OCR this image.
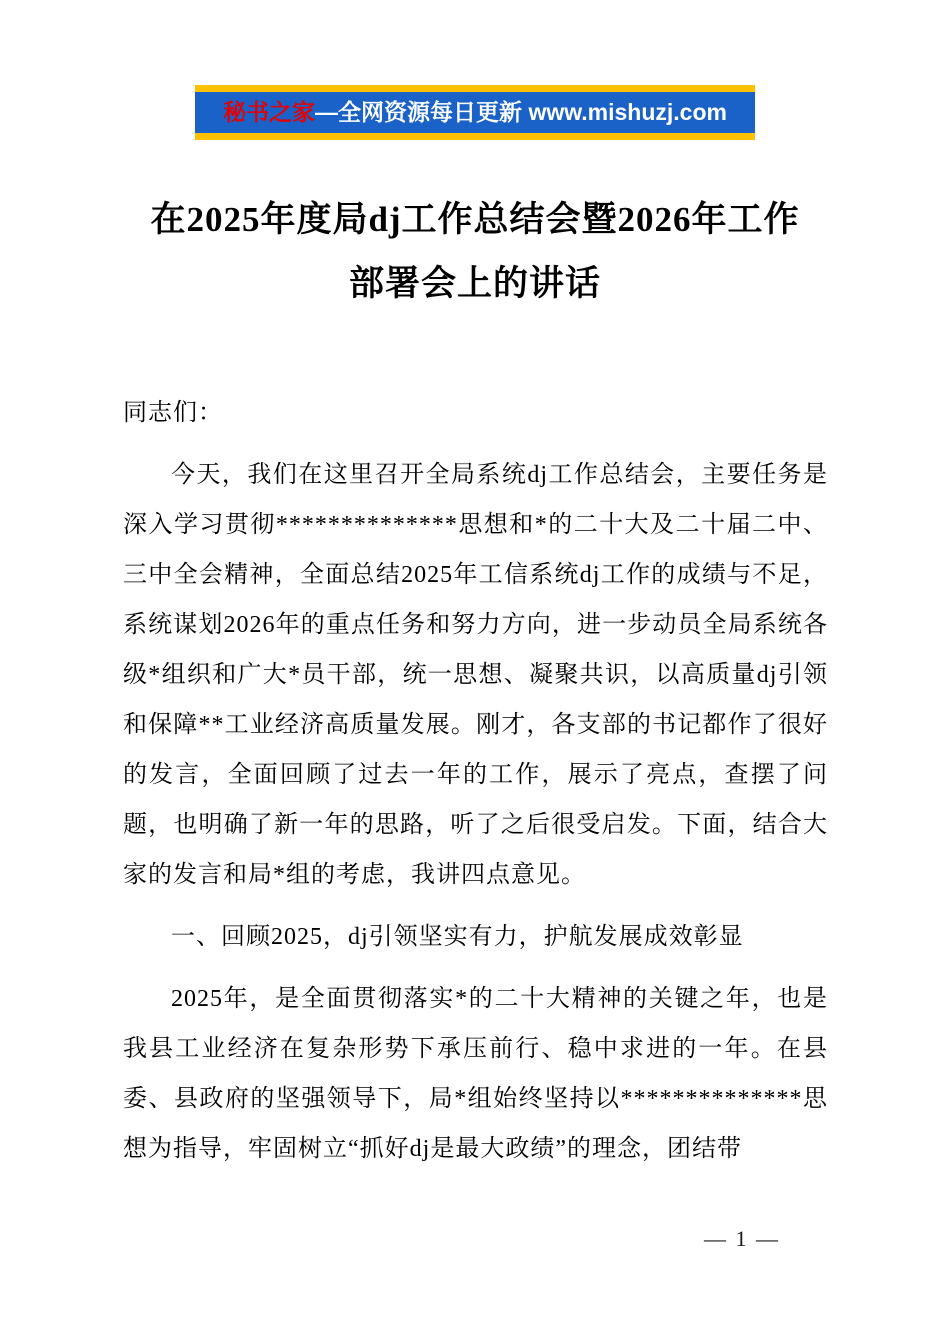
秘书之家—全网资源每日更新 www.mishuzj.com
在2025年度局dj工作总结会暨2026年工作部署会上的讲话

同志们：

今天，我们在这里召开全局系统dj工作总结会，主要任务是深入学习贯彻**************思想和*的二十大及二十届二中、三中全会精神，全面总结2025年工信系统dj工作的成绩与不足，系统谋划2026年的重点任务和努力方向，进一步动员全局系统各级*组织和广大*员干部，统一思想、凝聚共识，以高质量dj引领和保障**工业经济高质量发展。刚才，各支部的书记都作了很好的发言，全面回顾了过去一年的工作，展示了亮点，查摆了问题，也明确了新一年的思路，听了之后很受启发。下面，结合大家的发言和局*组的考虑，我讲四点意见。

一、回顾2025，dj引领坚实有力，护航发展成效彰显

2025年，是全面贯彻落实*的二十大精神的关键之年，也是我县工业经济在复杂形势下承压前行、稳中求进的一年。在县委、县政府的坚强领导下，局*组始终坚持以**************思想为指导，牢固树立“抓好dj是最大政绩”的理念，团结带

— 1 —
